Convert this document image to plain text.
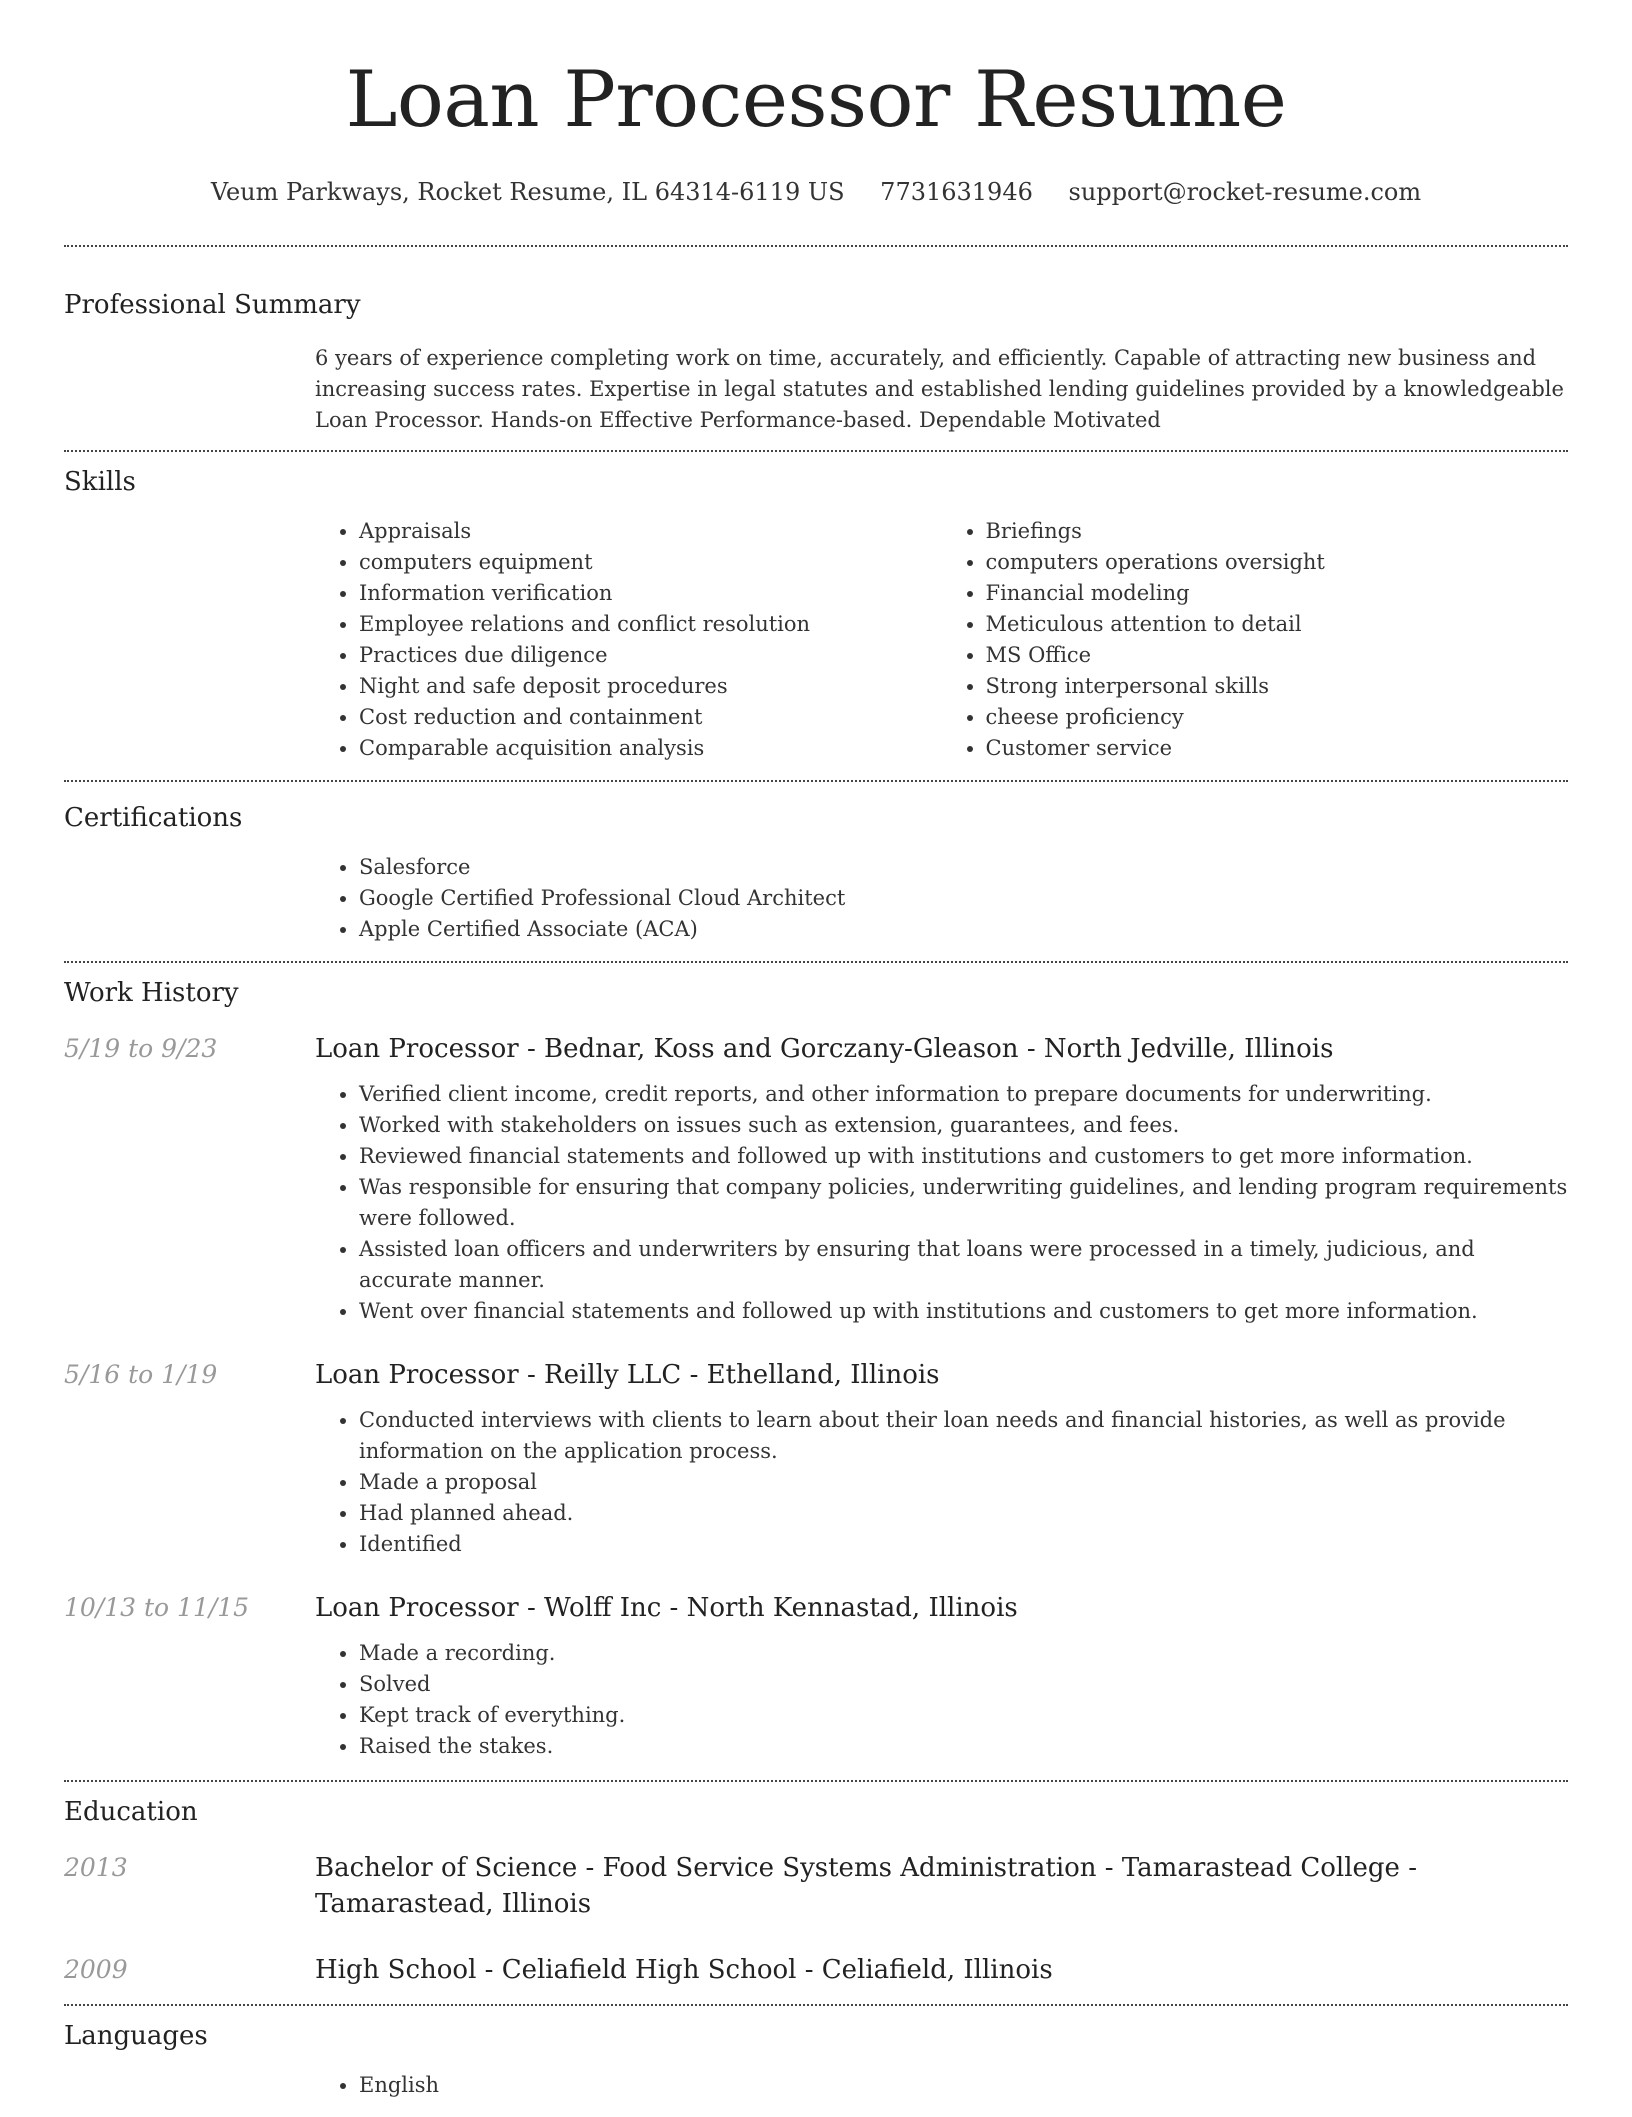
Loan Processor Resume
Veum Parkways, Rocket Resume, IL 64314-6119 US 7731631946 support@rocket-resume.com
Professional Summary
6 years of experience completing work on time, accurately, and efficiently. Capable of attracting new business and increasing success rates. Expertise in legal statutes and established lending guidelines provided by a knowledgeable Loan Processor. Hands-on Effective Performance-based. Dependable Motivated
Skills
• Appraisals
• computers equipment
• Information verification
• Employee relations and conflict resolution
• Practices due diligence
• Night and safe deposit procedures
• Cost reduction and containment
• Comparable acquisition analysis
• Briefings
• computers operations oversight
• Financial modeling
• Meticulous attention to detail
• MS Office
• Strong interpersonal skills
• cheese proficiency
• Customer service
Certifications
• Salesforce
• Google Certified Professional Cloud Architect
• Apple Certified Associate (ACA)
Work History
5/19 to 9/23	Loan Processor - Bednar, Koss and Gorczany-Gleason - North Jedville, Illinois
• Verified client income, credit reports, and other information to prepare documents for underwriting.
• Worked with stakeholders on issues such as extension, guarantees, and fees.
• Reviewed financial statements and followed up with institutions and customers to get more information.
• Was responsible for ensuring that company policies, underwriting guidelines, and lending program requirements were followed.
• Assisted loan officers and underwriters by ensuring that loans were processed in a timely, judicious, and accurate manner.
• Went over financial statements and followed up with institutions and customers to get more information.
5/16 to 1/19	Loan Processor - Reilly LLC - Ethelland, Illinois
• Conducted interviews with clients to learn about their loan needs and financial histories, as well as provide information on the application process.
• Made a proposal
• Had planned ahead.
• Identified
10/13 to 11/15	Loan Processor - Wolff Inc - North Kennastad, Illinois
• Made a recording.
• Solved
• Kept track of everything.
• Raised the stakes.
Education
2013	Bachelor of Science - Food Service Systems Administration - Tamarastead College - Tamarastead, Illinois
2009	High School - Celiafield High School - Celiafield, Illinois
Languages
• English
